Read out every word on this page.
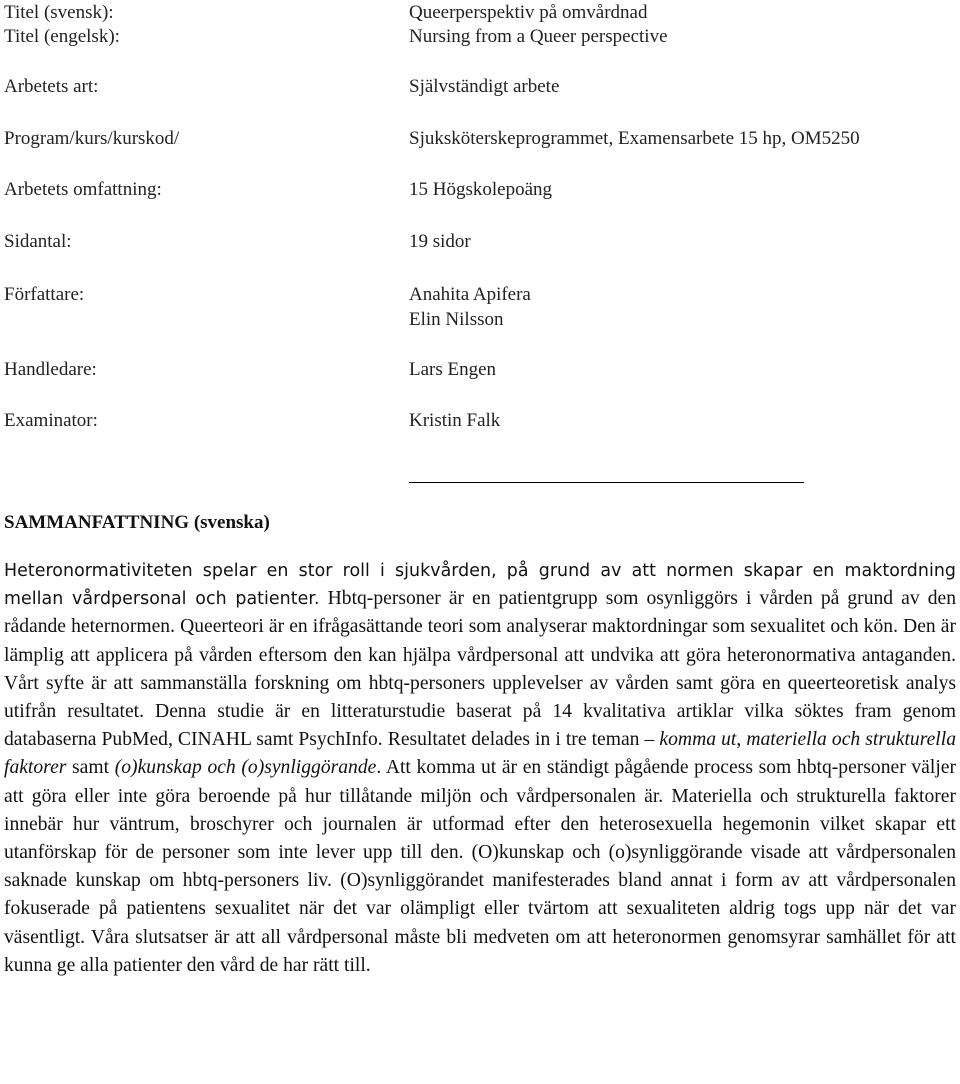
Titel (svensk):	Queerperspektiv på omvårdnad
Titel (engelsk):	Nursing from a Queer perspective
Arbetets art:	Självständigt arbete
Program/kurs/kurskod/	Sjuksköterskeprogrammet, Examensarbete 15 hp, OM5250
Arbetets omfattning:	15 Högskolepoäng
Sidantal:	19 sidor
Författare:	Anahita Apifera
Elin Nilsson
Handledare:	Lars Engen
Examinator:	Kristin Falk
SAMMANFATTNING (svenska)

Heteronormativiteten spelar en stor roll i sjukvården, på grund av att normen skapar en maktordning mellan vårdpersonal och patienter. Hbtq-personer är en patientgrupp som osynliggörs i vården på grund av den rådande heternormen. Queerteori är en ifrågasättande teori som analyserar maktordningar som sexualitet och kön. Den är lämplig att applicera på vården eftersom den kan hjälpa vårdpersonal att undvika att göra heteronormativa antaganden. Vårt syfte är att sammanställa forskning om hbtq-personers upplevelser av vården samt göra en queerteoretisk analys utifrån resultatet. Denna studie är en litteraturstudie baserat på 14 kvalitativa artiklar vilka söktes fram genom databaserna PubMed, CINAHL samt PsychInfo. Resultatet delades in i tre teman – komma ut, materiella och strukturella faktorer samt (o)kunskap och (o)synliggörande. Att komma ut är en ständigt pågående process som hbtq-personer väljer att göra eller inte göra beroende på hur tillåtande miljön och vårdpersonalen är. Materiella och strukturella faktorer innebär hur väntrum, broschyrer och journalen är utformad efter den heterosexuella hegemonin vilket skapar ett utanförskap för de personer som inte lever upp till den. (O)kunskap och (o)synliggörande visade att vårdpersonalen saknade kunskap om hbtq-personers liv. (O)synliggörandet manifesterades bland annat i form av att vårdpersonalen fokuserade på patientens sexualitet när det var olämpligt eller tvärtom att sexualiteten aldrig togs upp när det var väsentligt. Våra slutsatser är att all vårdpersonal måste bli medveten om att heteronormen genomsyrar samhället för att kunna ge alla patienter den vård de har rätt till.
